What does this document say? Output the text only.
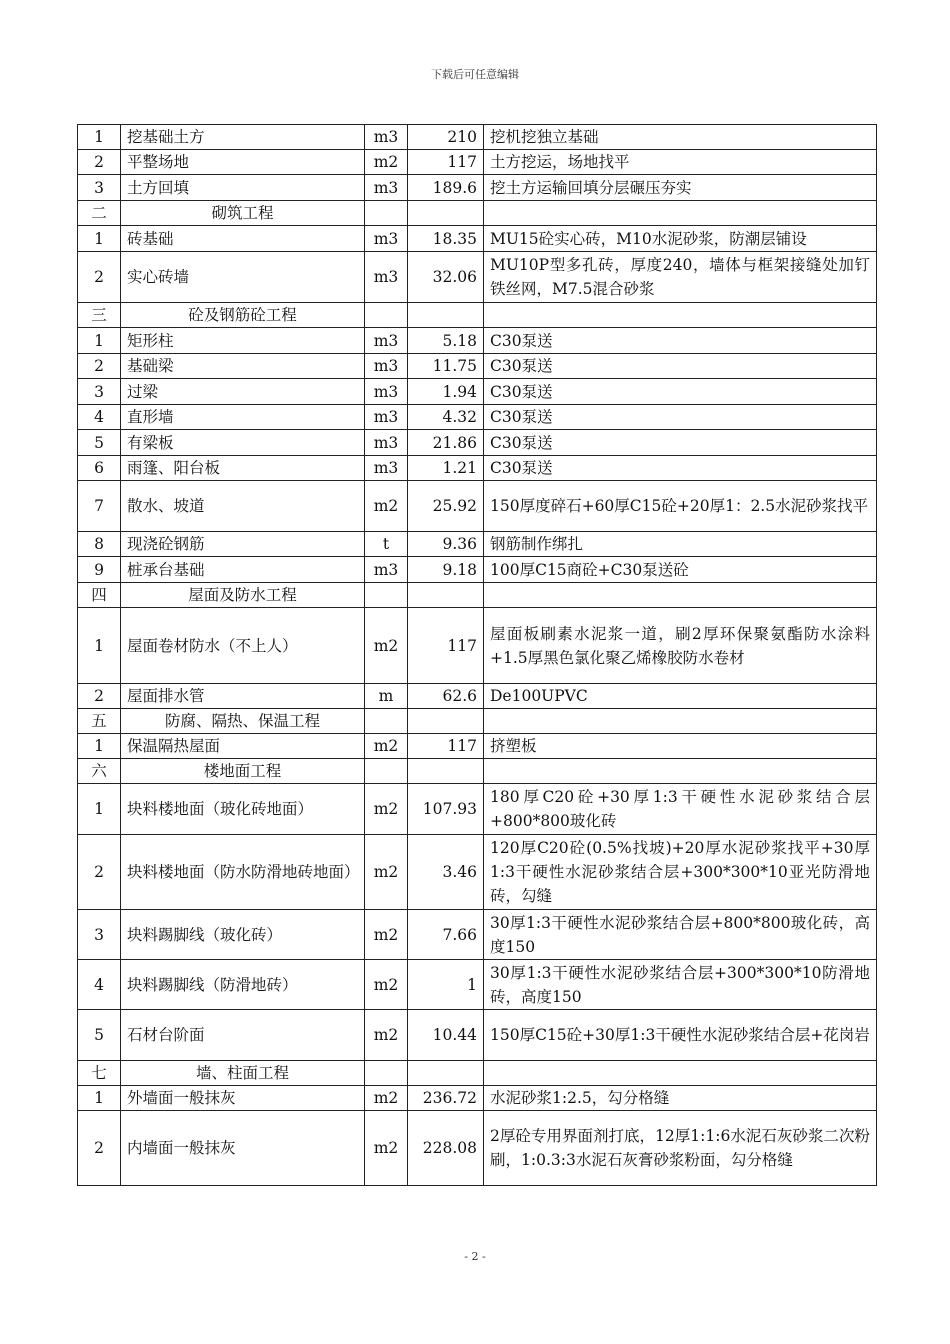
下载后可任意编辑
1	挖基础土方	m3	210	挖机挖独立基础
2	平整场地	m2	117	土方挖运，场地找平
3	土方回填	m3	189.6	挖土方运输回填分层碾压夯实
二	砌筑工程			
1	砖基础	m3	18.35	MU15砼实心砖，M10水泥砂浆，防潮层铺设
2	实心砖墙	m3	32.06	MU10P型多孔砖，厚度240，墙体与框架接缝处加钉铁丝网，M7.5混合砂浆
三	砼及钢筋砼工程			
1	矩形柱	m3	5.18	C30泵送
2	基础梁	m3	11.75	C30泵送
3	过梁	m3	1.94	C30泵送
4	直形墙	m3	4.32	C30泵送
5	有梁板	m3	21.86	C30泵送
6	雨篷、阳台板	m3	1.21	C30泵送
7	散水、坡道	m2	25.92	150厚度碎石+60厚C15砼+20厚1：2.5水泥砂浆找平
8	现浇砼钢筋	t	9.36	钢筋制作绑扎
9	桩承台基础	m3	9.18	100厚C15商砼+C30泵送砼
四	屋面及防水工程			
1	屋面卷材防水（不上人）	m2	117	屋面板刷素水泥浆一道，刷2厚环保聚氨酯防水涂料+1.5厚黑色氯化聚乙烯橡胶防水卷材
2	屋面排水管	m	62.6	De100UPVC
五	防腐、隔热、保温工程			
1	保温隔热屋面	m2	117	挤塑板
六	楼地面工程			
1	块料楼地面（玻化砖地面）	m2	107.93	180厚C20砼+30厚1:3干硬性水泥砂浆结合层+800*800玻化砖
2	块料楼地面（防水防滑地砖地面）	m2	3.46	120厚C20砼(0.5%找坡)+20厚水泥砂浆找平+30厚1:3干硬性水泥砂浆结合层+300*300*10亚光防滑地砖，勾缝
3	块料踢脚线（玻化砖）	m2	7.66	30厚1:3干硬性水泥砂浆结合层+800*800玻化砖，高度150
4	块料踢脚线（防滑地砖）	m2	1	30厚1:3干硬性水泥砂浆结合层+300*300*10防滑地砖，高度150
5	石材台阶面	m2	10.44	150厚C15砼+30厚1:3干硬性水泥砂浆结合层+花岗岩
七	墙、柱面工程			
1	外墙面一般抹灰	m2	236.72	水泥砂浆1:2.5，勾分格缝
2	内墙面一般抹灰	m2	228.08	2厚砼专用界面剂打底，12厚1:1:6水泥石灰砂浆二次粉刷，1:0.3:3水泥石灰膏砂浆粉面，勾分格缝
- 2 -
